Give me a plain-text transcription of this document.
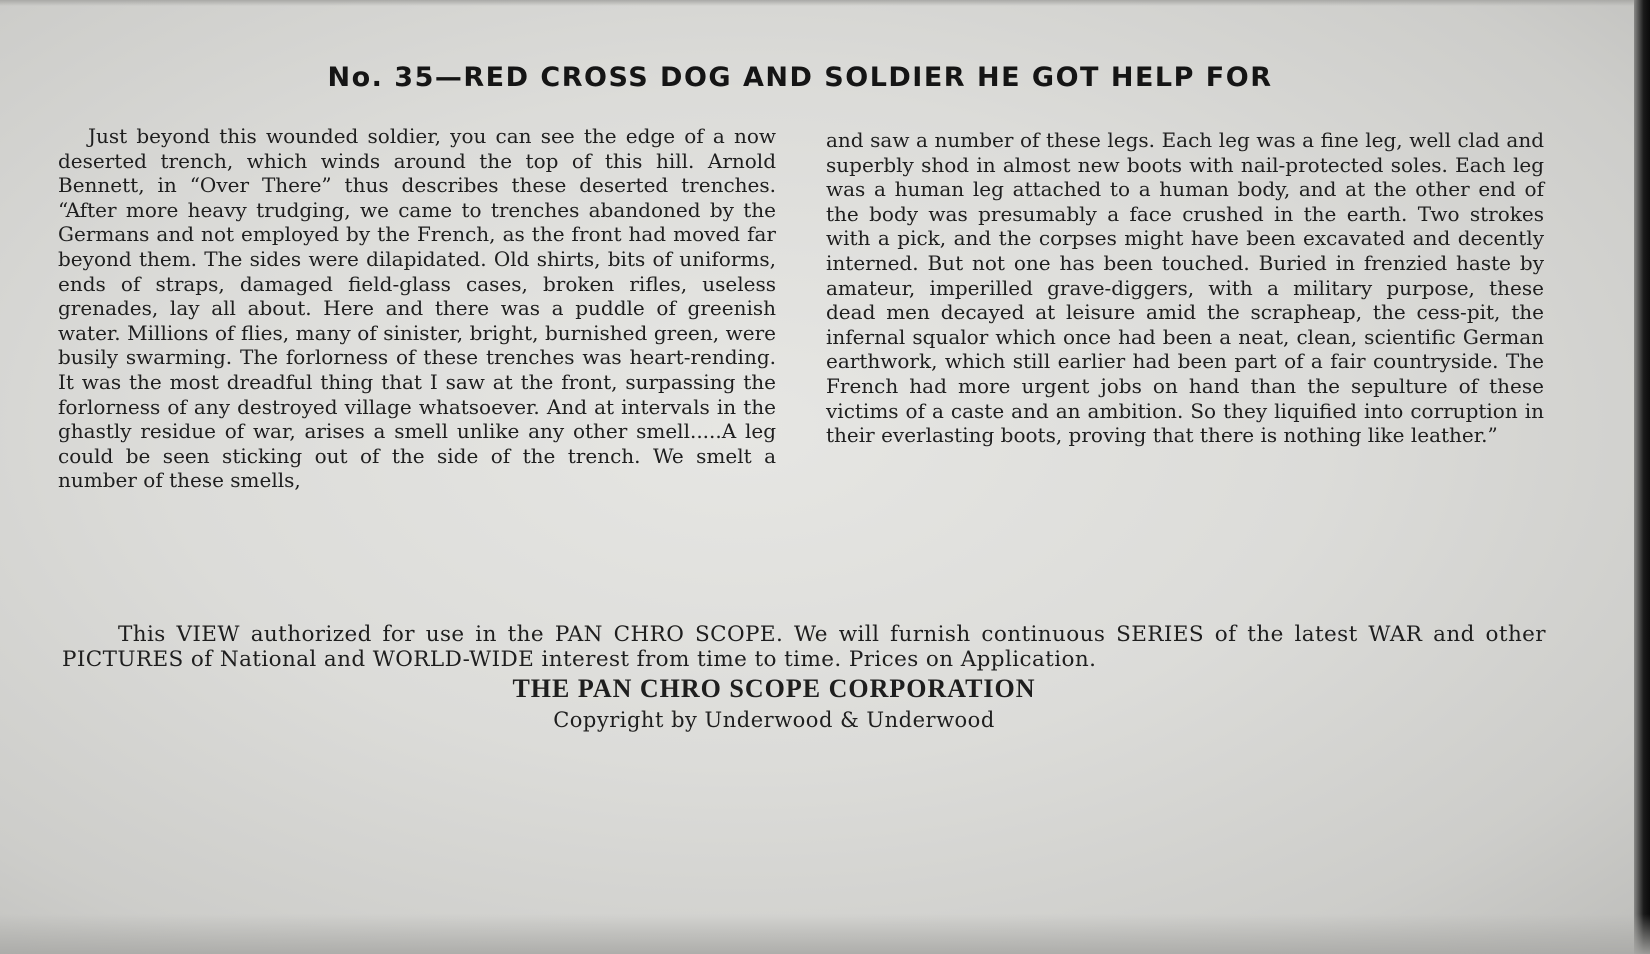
No. 35—RED CROSS DOG AND SOLDIER HE GOT HELP FOR

Just beyond this wounded soldier, you can see the edge of a now deserted trench, which winds around the top of this hill. Arnold Bennett, in “Over There” thus describes these deserted trenches. “After more heavy trudging, we came to trenches abandoned by the Germans and not employed by the French, as the front had moved far beyond them. The sides were dilapidated. Old shirts, bits of uniforms, ends of straps, damaged field-glass cases, broken rifles, useless grenades, lay all about. Here and there was a puddle of greenish water. Millions of flies, many of sinister, bright, burnished green, were busily swarming. The forlorness of these trenches was heart-rending. It was the most dreadful thing that I saw at the front, surpassing the forlorness of any destroyed village whatsoever. And at intervals in the ghastly residue of war, arises a smell unlike any other smell.....A leg could be seen sticking out of the side of the trench. We smelt a number of these smells,

and saw a number of these legs. Each leg was a fine leg, well clad and superbly shod in almost new boots with nail-protected soles. Each leg was a human leg attached to a human body, and at the other end of the body was presumably a face crushed in the earth. Two strokes with a pick, and the corpses might have been excavated and decently interned. But not one has been touched. Buried in frenzied haste by amateur, imperilled grave-diggers, with a military purpose, these dead men decayed at leisure amid the scrapheap, the cess-pit, the infernal squalor which once had been a neat, clean, scientific German earthwork, which still earlier had been part of a fair countryside. The French had more urgent jobs on hand than the sepulture of these victims of a caste and an ambition. So they liquified into corruption in their everlasting boots, proving that there is nothing like leather.”

This VIEW authorized for use in the PAN CHRO SCOPE. We will furnish continuous SERIES of the latest WAR and other PICTURES of National and WORLD-WIDE interest from time to time. Prices on Application.

THE PAN CHRO SCOPE CORPORATION

Copyright by Underwood & Underwood
